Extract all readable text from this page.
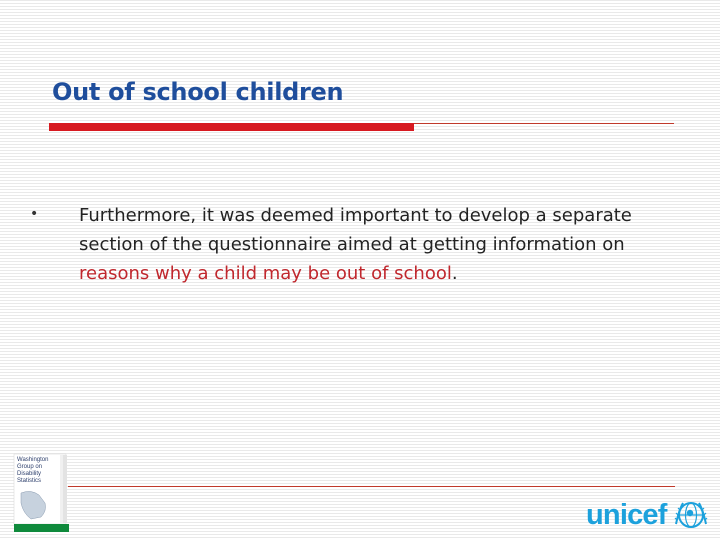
Out of school children
• Furthermore, it was deemed important to develop a separate section of the questionnaire aimed at getting information on reasons why a child may be out of school.

Washington
Group on
Disability
Statistics
unicef
